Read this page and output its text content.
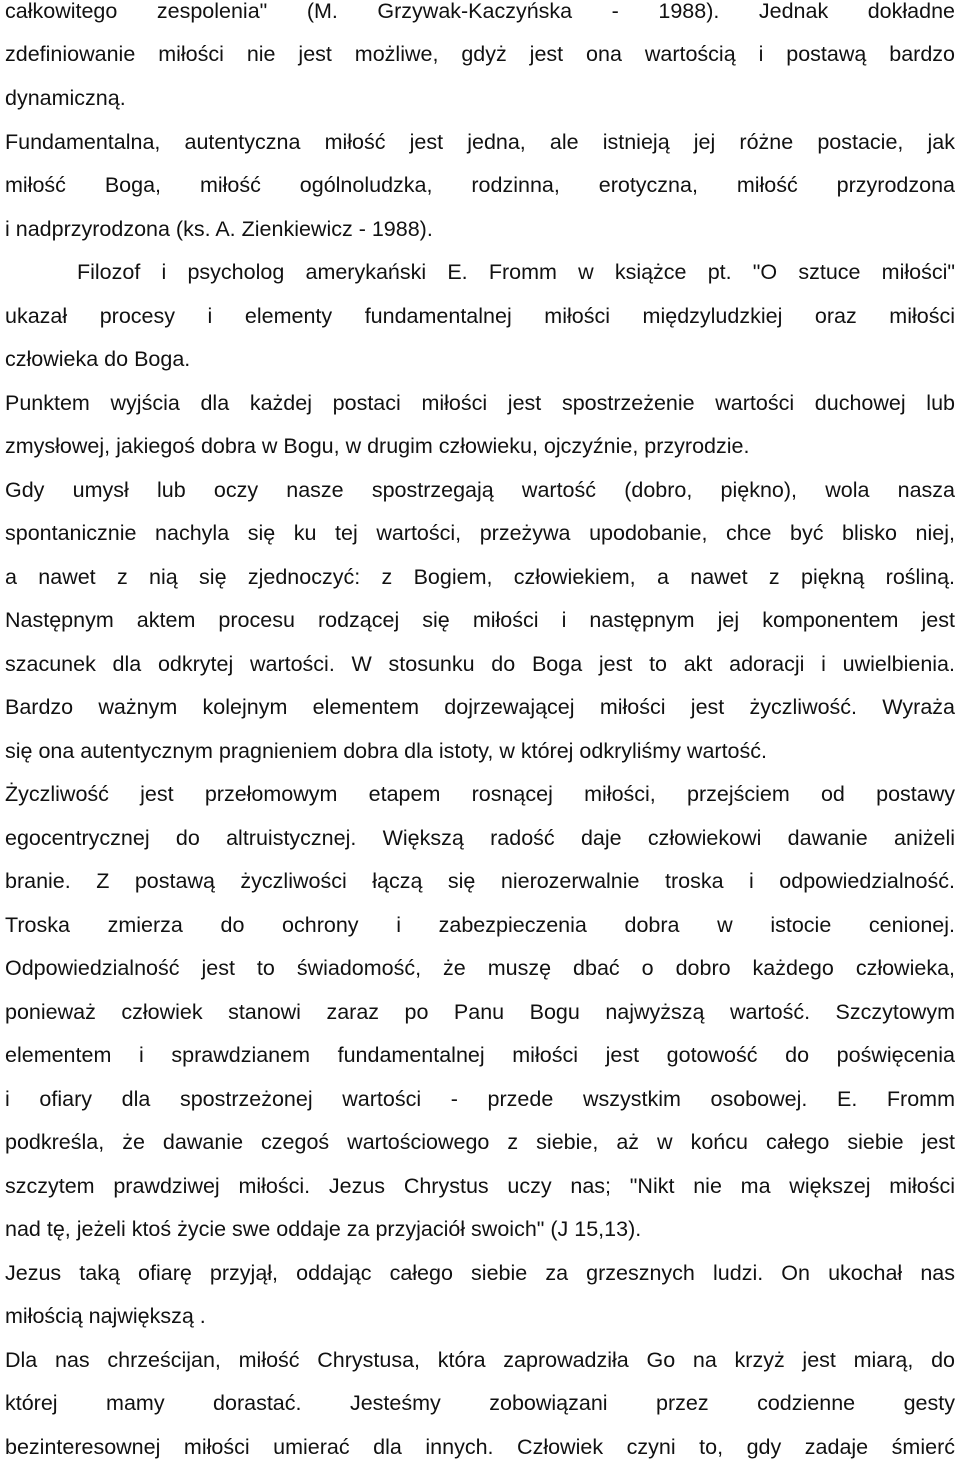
całkowitego zespolenia" (M. Grzywak-Kaczyńska - 1988). Jednak dokładne
zdefiniowanie miłości nie jest możliwe, gdyż jest ona wartością i postawą bardzo
dynamiczną.
Fundamentalna, autentyczna miłość jest jedna, ale istnieją jej różne postacie, jak
miłość Boga, miłość ogólnoludzka, rodzinna, erotyczna, miłość przyrodzona
i nadprzyrodzona (ks. A. Zienkiewicz - 1988).
Filozof i psycholog amerykański E. Fromm w książce pt. "O sztuce miłości"
ukazał procesy i elementy fundamentalnej miłości międzyludzkiej oraz miłości
człowieka do Boga.
Punktem wyjścia dla każdej postaci miłości jest spostrzeżenie wartości duchowej lub
zmysłowej, jakiegoś dobra w Bogu, w drugim człowieku, ojczyźnie, przyrodzie.
Gdy umysł lub oczy nasze spostrzegają wartość (dobro, piękno), wola nasza
spontanicznie nachyla się ku tej wartości, przeżywa upodobanie, chce być blisko niej,
a nawet z nią się zjednoczyć: z Bogiem, człowiekiem, a nawet z piękną rośliną.
Następnym aktem procesu rodzącej się miłości i następnym jej komponentem jest
szacunek dla odkrytej wartości. W stosunku do Boga jest to akt adoracji i uwielbienia.
Bardzo ważnym kolejnym elementem dojrzewającej miłości jest życzliwość. Wyraża
się ona autentycznym pragnieniem dobra dla istoty, w której odkryliśmy wartość.
Życzliwość jest przełomowym etapem rosnącej miłości, przejściem od postawy
egocentrycznej do altruistycznej. Większą radość daje człowiekowi dawanie aniżeli
branie. Z postawą życzliwości łączą się nierozerwalnie troska i odpowiedzialność.
Troska zmierza do ochrony i zabezpieczenia dobra w istocie cenionej.
Odpowiedzialność jest to świadomość, że muszę dbać o dobro każdego człowieka,
ponieważ człowiek stanowi zaraz po Panu Bogu najwyższą wartość. Szczytowym
elementem i sprawdzianem fundamentalnej miłości jest gotowość do poświęcenia
i ofiary dla spostrzeżonej wartości - przede wszystkim osobowej. E. Fromm
podkreśla, że dawanie czegoś wartościowego z siebie, aż w końcu całego siebie jest
szczytem prawdziwej miłości. Jezus Chrystus uczy nas; "Nikt nie ma większej miłości
nad tę, jeżeli ktoś życie swe oddaje za przyjaciół swoich" (J 15,13).
Jezus taką ofiarę przyjął, oddając całego siebie za grzesznych ludzi. On ukochał nas
miłością największą .
Dla nas chrześcijan, miłość Chrystusa, która zaprowadziła Go na krzyż jest miarą, do
której mamy dorastać. Jesteśmy zobowiązani przez codzienne gesty
bezinteresownej miłości umierać dla innych. Człowiek czyni to, gdy zadaje śmierć
